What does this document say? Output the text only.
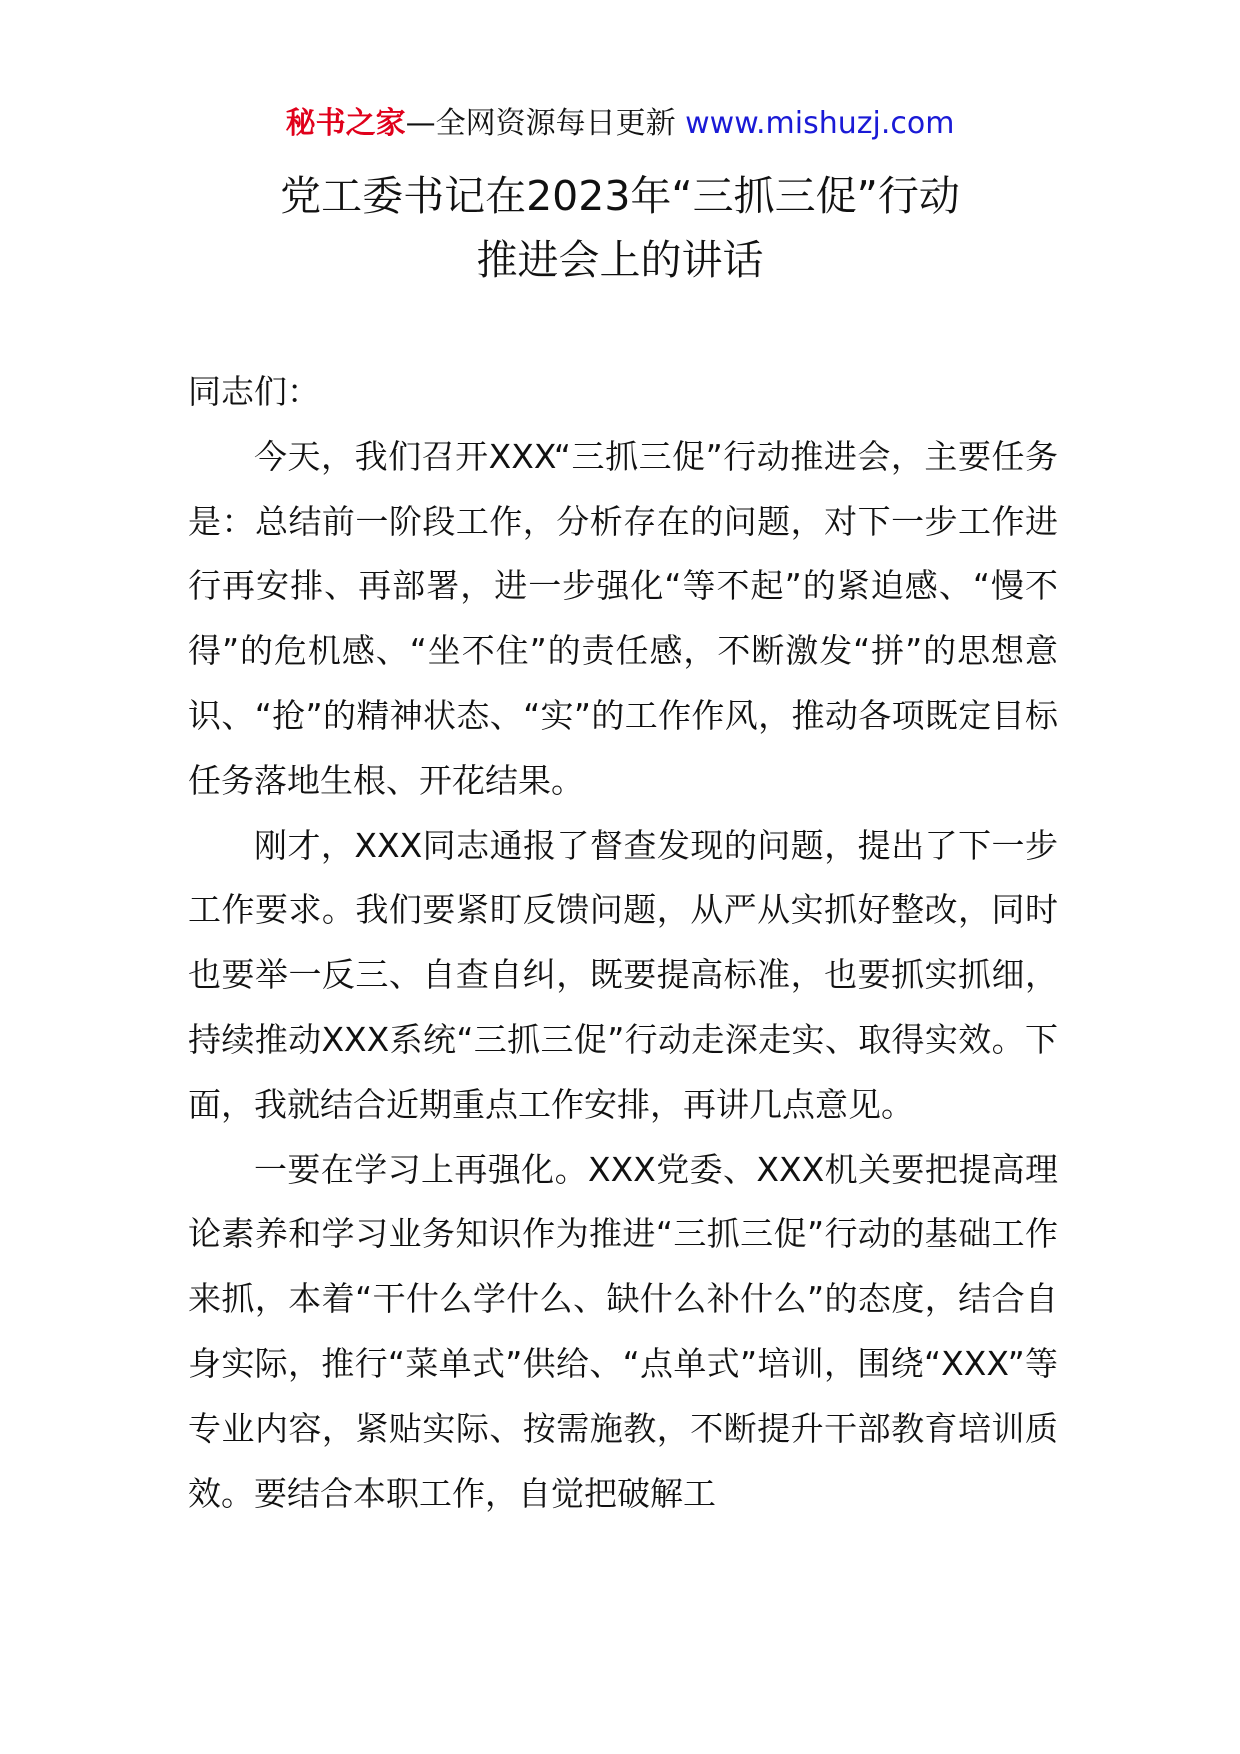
秘书之家—全网资源每日更新 www.mishuzj.com
党工委书记在2023年“三抓三促”行动
推进会上的讲话

同志们：

今天，我们召开XXX“三抓三促”行动推进会，主要任务是：总结前一阶段工作，分析存在的问题，对下一步工作进行再安排、再部署，进一步强化“等不起”的紧迫感、“慢不得”的危机感、“坐不住”的责任感，不断激发“拼”的思想意识、“抢”的精神状态、“实”的工作作风，推动各项既定目标任务落地生根、开花结果。

刚才，XXX同志通报了督查发现的问题，提出了下一步工作要求。我们要紧盯反馈问题，从严从实抓好整改，同时也要举一反三、自查自纠，既要提高标准，也要抓实抓细，持续推动XXX系统“三抓三促”行动走深走实、取得实效。下面，我就结合近期重点工作安排，再讲几点意见。

一要在学习上再强化。XXX党委、XXX机关要把提高理论素养和学习业务知识作为推进“三抓三促”行动的基础工作来抓，本着“干什么学什么、缺什么补什么”的态度，结合自身实际，推行“菜单式”供给、“点单式”培训，围绕“XXX”等专业内容，紧贴实际、按需施教，不断提升干部教育培训质效。要结合本职工作，自觉把破解工
